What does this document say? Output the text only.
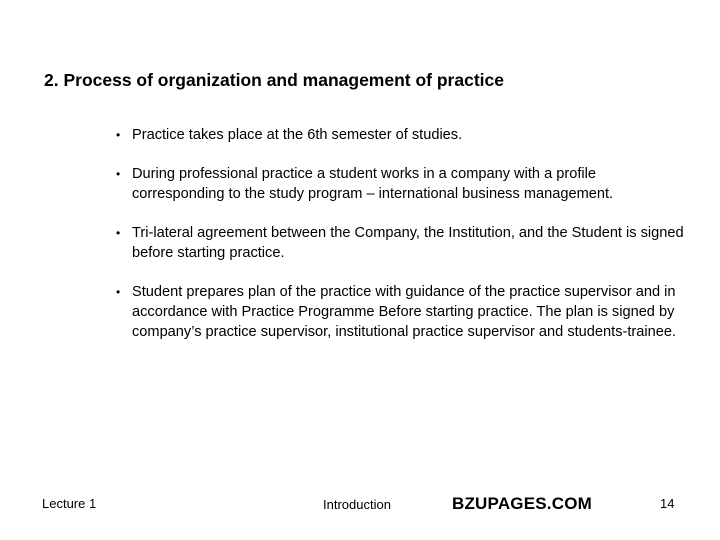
2. Process of organization and management of practice
• Practice takes place at the 6th semester of studies.
• During professional practice a student works in a company with a profile corresponding to the study program – international business management.
• Tri-lateral agreement between the Company, the Institution, and the Student is signed before starting practice.
• Student prepares plan of the practice with guidance of the practice supervisor and in accordance with Practice Programme Before starting practice. The plan is signed by company’s practice supervisor, institutional practice supervisor and students-trainee.
Lecture 1	Introduction	BZUPAGES.COM	14
